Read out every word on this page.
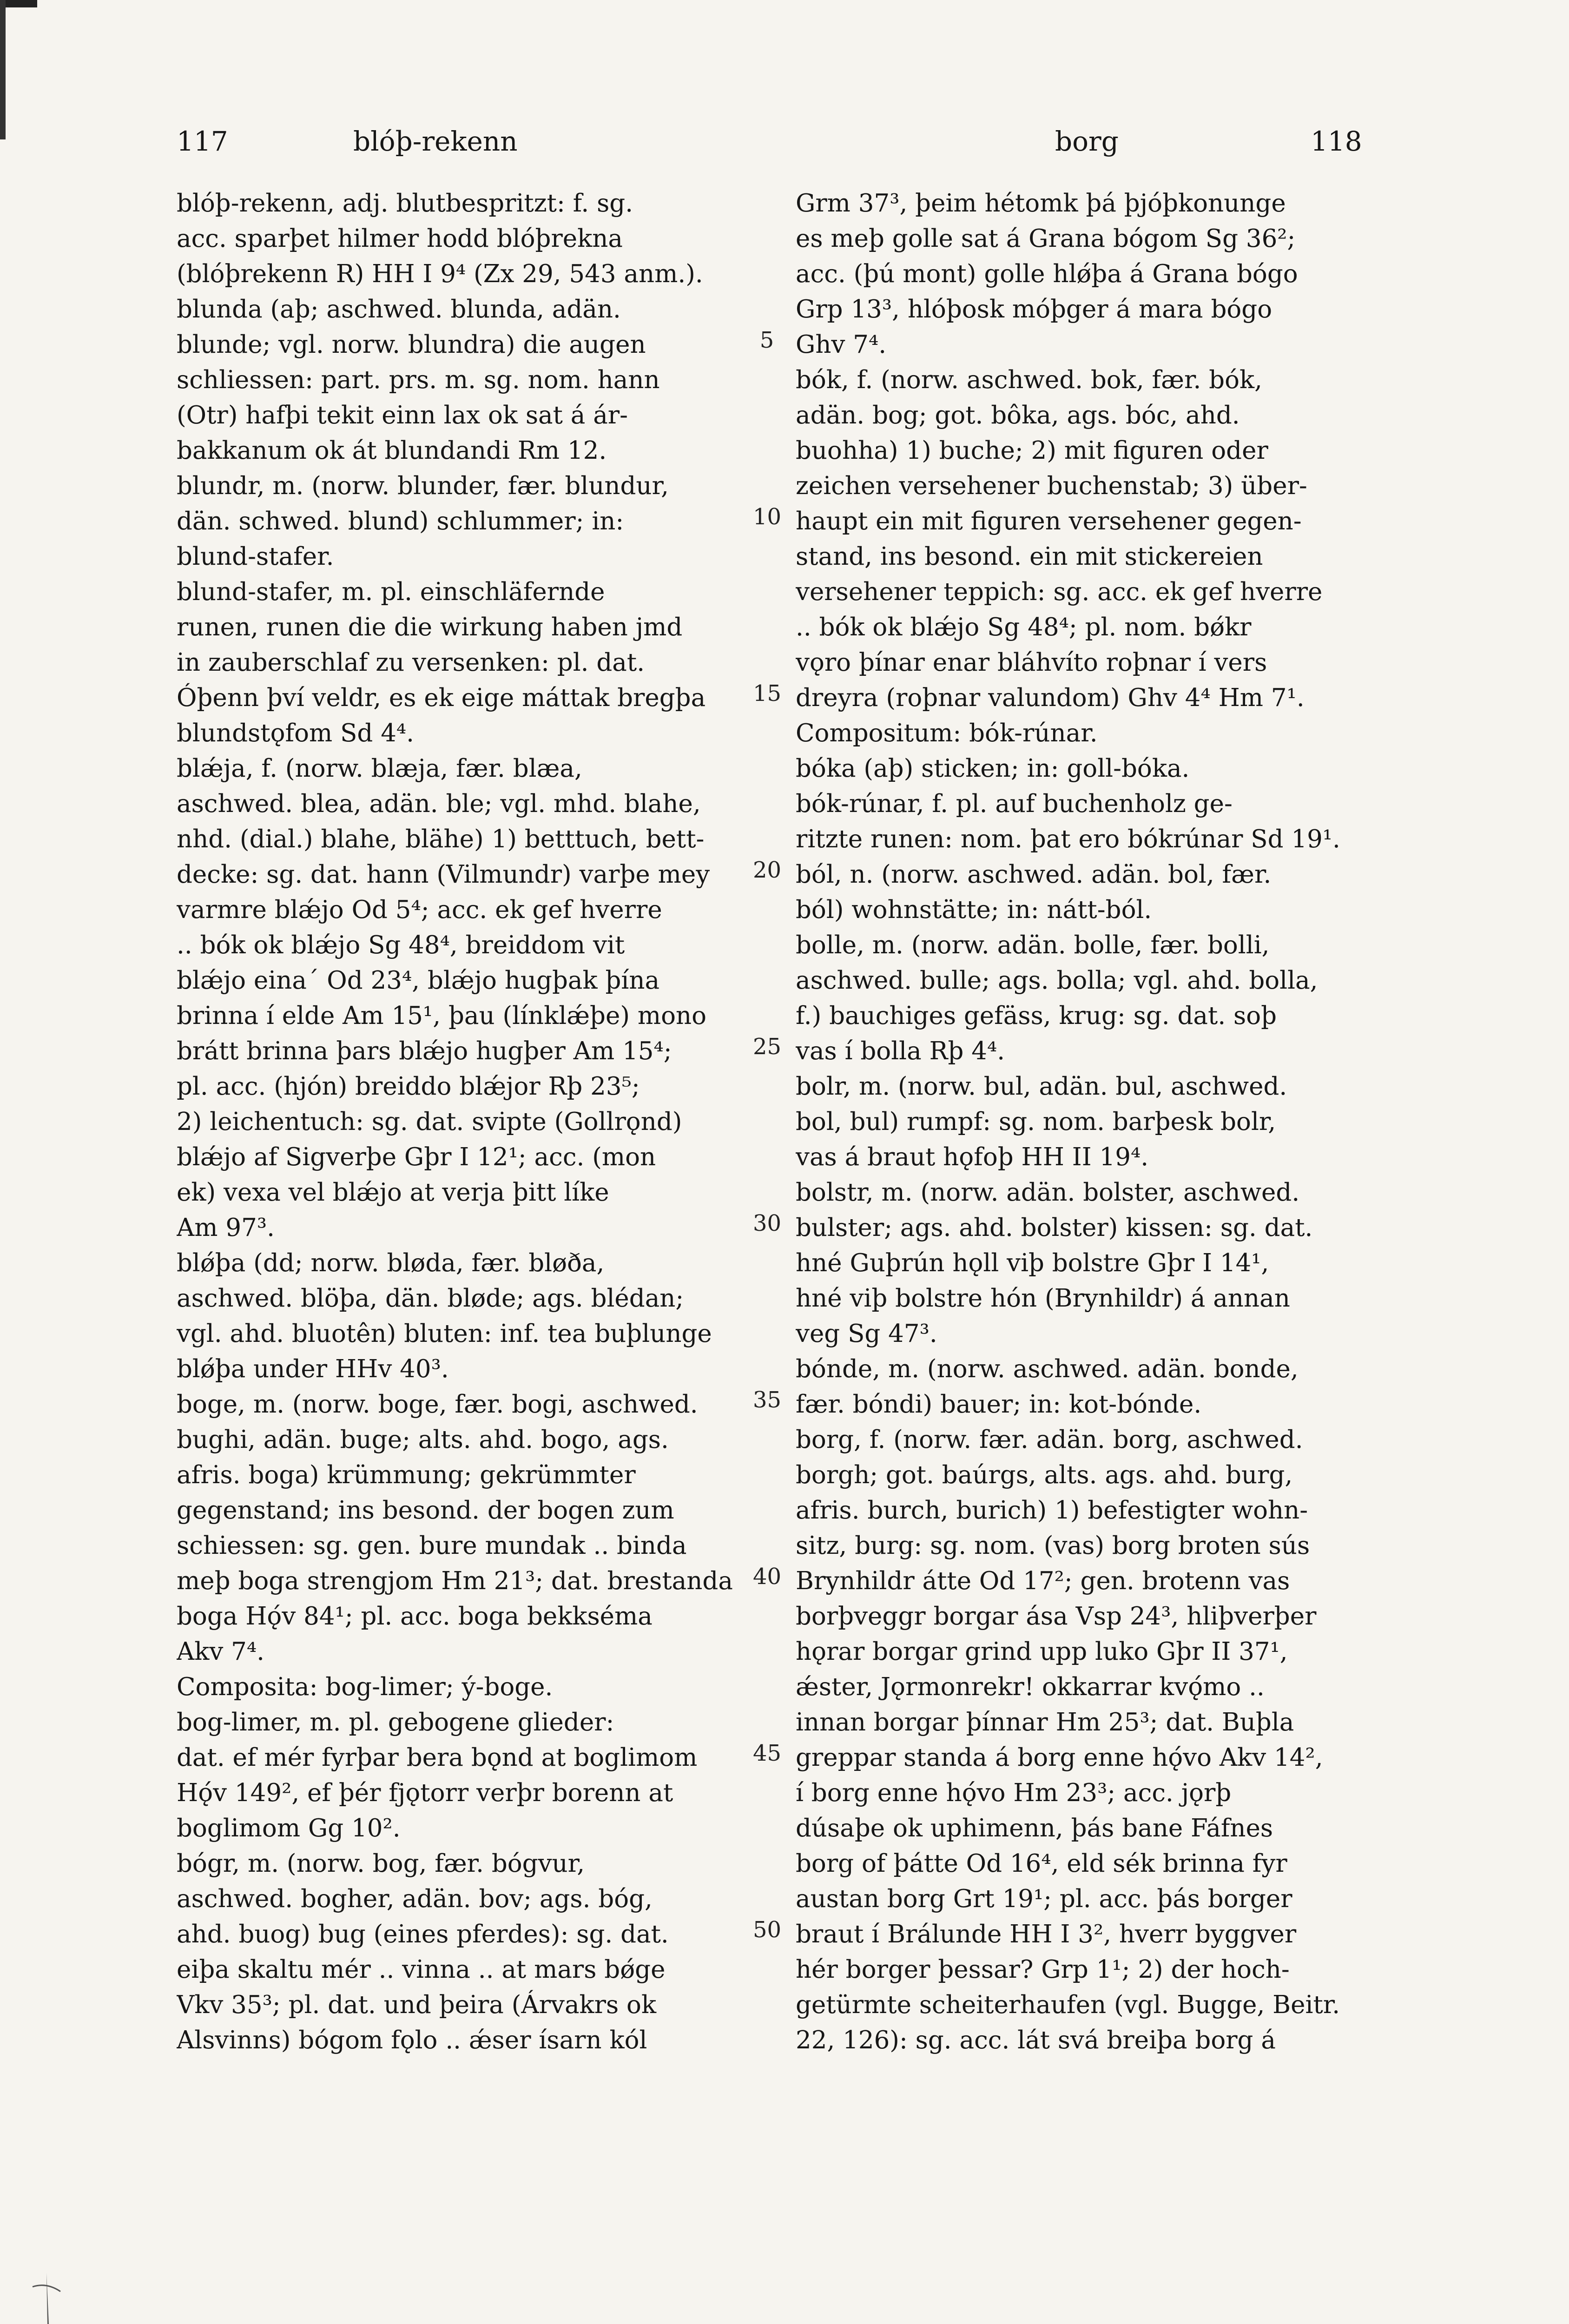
117	blóþ-rekenn	borg	118
blóþ-rekenn, adj. blutbespritzt: f. sg.
acc. sparþet hilmer hodd blóþrekna
(blóþrekenn R) HH I 9⁴ (Zx 29, 543 anm.).
blunda (aþ; aschwed. blunda, adän.
blunde; vgl. norw. blundra) die augen
schliessen: part. prs. m. sg. nom. hann
(Otr) hafþi tekit einn lax ok sat á ár-
bakkanum ok át blundandi Rm 12.
blundr, m. (norw. blunder, fær. blundur,
dän. schwed. blund) schlummer; in:
blund-stafer.
blund-stafer, m. pl. einschläfernde
runen, runen die die wirkung haben jmd
in zauberschlaf zu versenken: pl. dat.
Óþenn því veldr, es ek eige máttak bregþa
blundstǫfom Sd 4⁴.
blǽja, f. (norw. blæja, fær. blæa,
aschwed. blea, adän. ble; vgl. mhd. blahe,
nhd. (dial.) blahe, blähe) 1) betttuch, bett-
decke: sg. dat. hann (Vilmundr) varþe mey
varmre blǽjo Od 5⁴; acc. ek gef hverre
.. bók ok blǽjo Sg 48⁴, breiddom vit
blǽjo eina´ Od 23⁴, blǽjo hugþak þína
brinna í elde Am 15¹, þau (línklǽþe) mono
brátt brinna þars blǽjo hugþer Am 15⁴;
pl. acc. (hjón) breiddo blǽjor Rþ 23⁵;
2) leichentuch: sg. dat. svipte (Gollrǫnd)
blǽjo af Sigverþe Gþr I 12¹; acc. (mon
ek) vexa vel blǽjo at verja þitt líke
Am 97³.
blǿþa (dd; norw. bløda, fær. bløða,
aschwed. blöþa, dän. bløde; ags. blédan;
vgl. ahd. bluotên) bluten: inf. tea buþlunge
blǿþa under HHv 40³.
boge, m. (norw. boge, fær. bogi, aschwed.
bughi, adän. buge; alts. ahd. bogo, ags.
afris. boga) krümmung; gekrümmter
gegenstand; ins besond. der bogen zum
schiessen: sg. gen. bure mundak .. binda
meþ boga strengjom Hm 21³; dat. brestanda
boga Hǫ́v 84¹; pl. acc. boga bekkséma
Akv 7⁴.
Composita: bog-limer; ý-boge.
bog-limer, m. pl. gebogene glieder:
dat. ef mér fyrþar bera bǫnd at boglimom
Hǫ́v 149², ef þér fjǫtorr verþr borenn at
boglimom Gg 10².
bógr, m. (norw. bog, fær. bógvur,
aschwed. bogher, adän. bov; ags. bóg,
ahd. buog) bug (eines pferdes): sg. dat.
eiþa skaltu mér .. vinna .. at mars bǿge
Vkv 35³; pl. dat. und þeira (Árvakrs ok
Alsvinns) bógom fǫlo .. ǽser ísarn kól
5
10
15
20
25
30
35
40
45
50
Grm 37³, þeim hétomk þá þjóþkonunge
es meþ golle sat á Grana bógom Sg 36²;
acc. (þú mont) golle hlǿþa á Grana bógo
Grp 13³, hlóþosk móþger á mara bógo
Ghv 7⁴.
bók, f. (norw. aschwed. bok, fær. bók,
adän. bog; got. bôka, ags. bóc, ahd.
buohha) 1) buche; 2) mit figuren oder
zeichen versehener buchenstab; 3) über-
haupt ein mit figuren versehener gegen-
stand, ins besond. ein mit stickereien
versehener teppich: sg. acc. ek gef hverre
.. bók ok blǽjo Sg 48⁴; pl. nom. bǿkr
vǫro þínar enar bláhvíto roþnar í vers
dreyra (roþnar valundom) Ghv 4⁴ Hm 7¹.
Compositum: bók-rúnar.
bóka (aþ) sticken; in: goll-bóka.
bók-rúnar, f. pl. auf buchenholz ge-
ritzte runen: nom. þat ero bókrúnar Sd 19¹.
ból, n. (norw. aschwed. adän. bol, fær.
ból) wohnstätte; in: nátt-ból.
bolle, m. (norw. adän. bolle, fær. bolli,
aschwed. bulle; ags. bolla; vgl. ahd. bolla,
f.) bauchiges gefäss, krug: sg. dat. soþ
vas í bolla Rþ 4⁴.
bolr, m. (norw. bul, adän. bul, aschwed.
bol, bul) rumpf: sg. nom. barþesk bolr,
vas á braut hǫfoþ HH II 19⁴.
bolstr, m. (norw. adän. bolster, aschwed.
bulster; ags. ahd. bolster) kissen: sg. dat.
hné Guþrún hǫll viþ bolstre Gþr I 14¹,
hné viþ bolstre hón (Brynhildr) á annan
veg Sg 47³.
bónde, m. (norw. aschwed. adän. bonde,
fær. bóndi) bauer; in: kot-bónde.
borg, f. (norw. fær. adän. borg, aschwed.
borgh; got. baúrgs, alts. ags. ahd. burg,
afris. burch, burich) 1) befestigter wohn-
sitz, burg: sg. nom. (vas) borg broten sús
Brynhildr átte Od 17²; gen. brotenn vas
borþveggr borgar ása Vsp 24³, hliþverþer
hǫrar borgar grind upp luko Gþr II 37¹,
ǽster, Jǫrmonrekr! okkarrar kvǫ́mo ..
innan borgar þínnar Hm 25³; dat. Buþla
greppar standa á borg enne hǫ́vo Akv 14²,
í borg enne hǫ́vo Hm 23³; acc. jǫrþ
dúsaþe ok uphimenn, þás bane Fáfnes
borg of þátte Od 16⁴, eld sék brinna fyr
austan borg Grt 19¹; pl. acc. þás borger
braut í Brálunde HH I 3², hverr byggver
hér borger þessar? Grp 1¹; 2) der hoch-
getürmte scheiterhaufen (vgl. Bugge, Beitr.
22, 126): sg. acc. lát svá breiþa borg á
